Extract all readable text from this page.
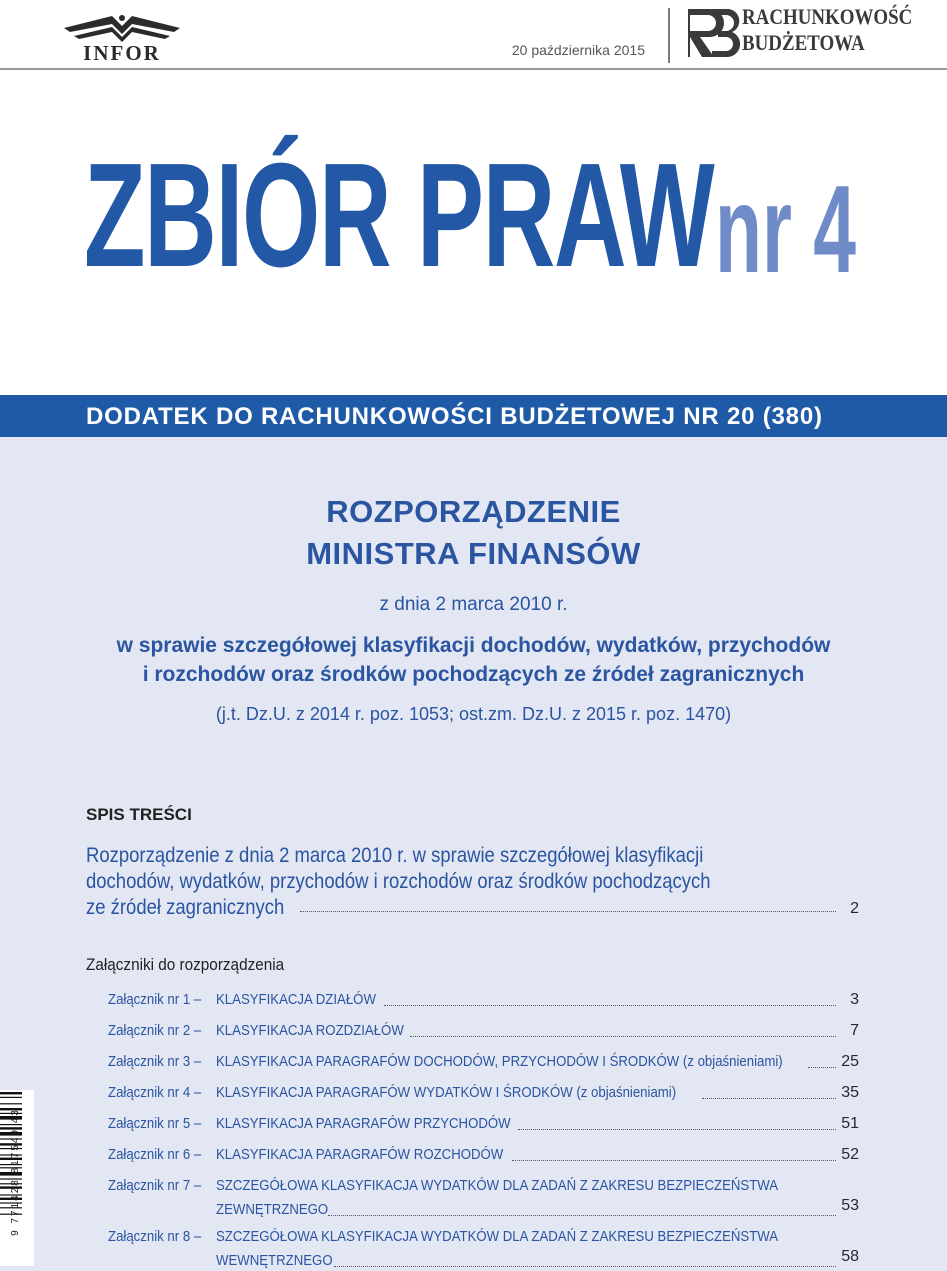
INFOR	20 października 2015
RACHUNKOWOŚĆ
BUDŻETOWA
ZBIÓR PRAW nr 4
DODATEK DO RACHUNKOWOŚCI BUDŻETOWEJ NR 20 (380)
ROZPORZĄDZENIE
MINISTRA FINANSÓW
z dnia 2 marca 2010 r.
w sprawie szczegółowej klasyfikacji dochodów, wydatków, przychodów
i rozchodów oraz środków pochodzących ze źródeł zagranicznych
(j.t. Dz.U. z 2014 r. poz. 1053; ost.zm. Dz.U. z 2015 r. poz. 1470)
SPIS TREŚCI
Rozporządzenie z dnia 2 marca 2010 r. w sprawie szczegółowej klasyfikacji
dochodów, wydatków, przychodów i rozchodów oraz środków pochodzących
ze źródeł zagranicznych	2
Załączniki do rozporządzenia
Załącznik nr 1 – KLASYFIKACJA DZIAŁÓW	3
Załącznik nr 2 – KLASYFIKACJA ROZDZIAŁÓW	7
Załącznik nr 3 – KLASYFIKACJA PARAGRAFÓW DOCHODÓW, PRZYCHODÓW I ŚRODKÓW (z objaśnieniami)	25
Załącznik nr 4 – KLASYFIKACJA PARAGRAFÓW WYDATKÓW I ŚRODKÓW (z objaśnieniami)	35
Załącznik nr 5 – KLASYFIKACJA PARAGRAFÓW PRZYCHODÓW	51
Załącznik nr 6 – KLASYFIKACJA PARAGRAFÓW ROZCHODÓW	52
Załącznik nr 7 – SZCZEGÓŁOWA KLASYFIKACJA WYDATKÓW DLA ZADAŃ Z ZAKRESU BEZPIECZEŃSTWA
ZEWNĘTRZNEGO	53
Załącznik nr 8 – SZCZEGÓŁOWA KLASYFIKACJA WYDATKÓW DLA ZADAŃ Z ZAKRESU BEZPIECZEŃSTWA
WEWNĘTRZNEGO	58
9 771428 817549 43
